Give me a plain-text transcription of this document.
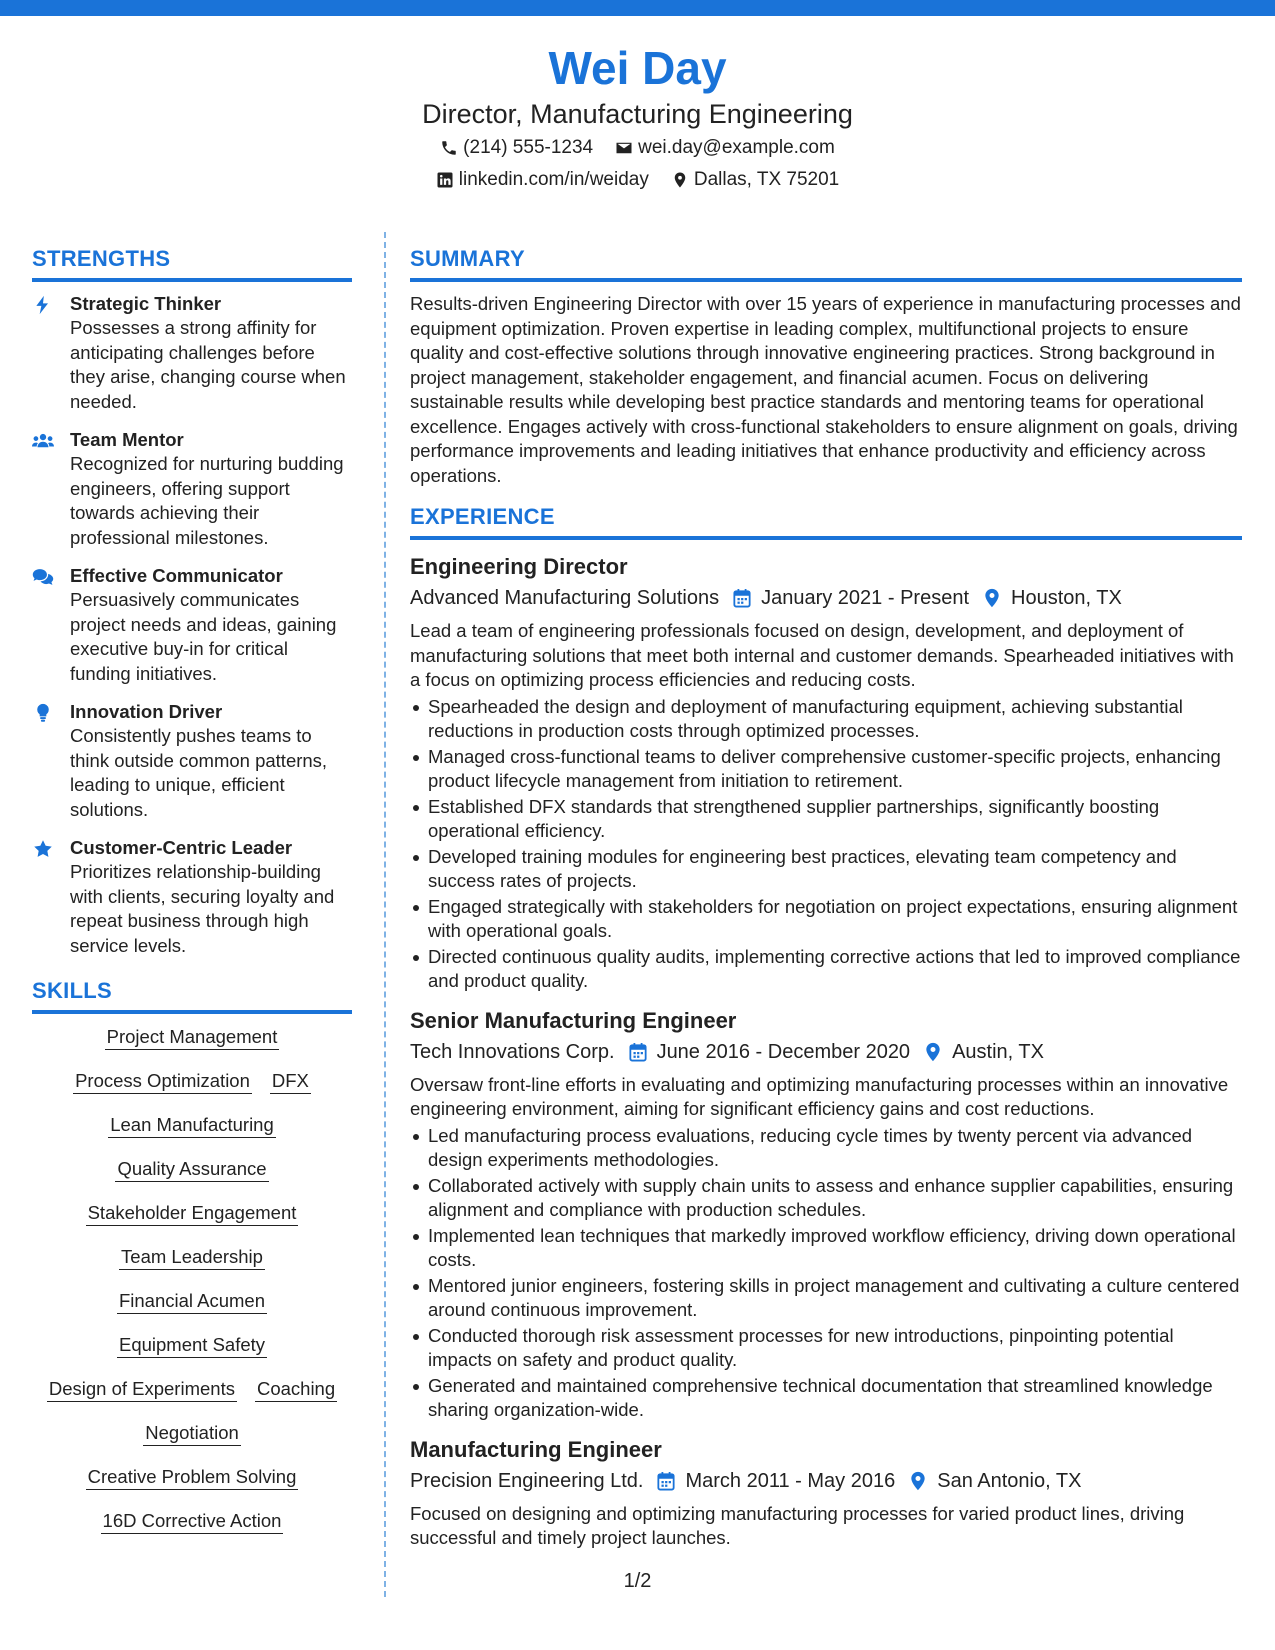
Wei Day
Director, Manufacturing Engineering
(214) 555-1234 wei.day@example.com
linkedin.com/in/weiday Dallas, TX 75201
STRENGTHS
Strategic Thinker
Possesses a strong affinity for anticipating challenges before they arise, changing course when needed.
Team Mentor
Recognized for nurturing budding engineers, offering support towards achieving their professional milestones.
Effective Communicator
Persuasively communicates project needs and ideas, gaining executive buy-in for critical funding initiatives.
Innovation Driver
Consistently pushes teams to think outside common patterns, leading to unique, efficient solutions.
Customer-Centric Leader
Prioritizes relationship-building with clients, securing loyalty and repeat business through high service levels.
SKILLS
Project Management
Process Optimization DFX
Lean Manufacturing
Quality Assurance
Stakeholder Engagement
Team Leadership
Financial Acumen
Equipment Safety
Design of Experiments Coaching
Negotiation
Creative Problem Solving
16D Corrective Action
SUMMARY
Results-driven Engineering Director with over 15 years of experience in manufacturing processes and equipment optimization. Proven expertise in leading complex, multifunctional projects to ensure quality and cost-effective solutions through innovative engineering practices. Strong background in project management, stakeholder engagement, and financial acumen. Focus on delivering sustainable results while developing best practice standards and mentoring teams for operational excellence. Engages actively with cross-functional stakeholders to ensure alignment on goals, driving performance improvements and leading initiatives that enhance productivity and efficiency across operations.
EXPERIENCE
Engineering Director
Advanced Manufacturing Solutions January 2021 - Present Houston, TX
Lead a team of engineering professionals focused on design, development, and deployment of manufacturing solutions that meet both internal and customer demands. Spearheaded initiatives with a focus on optimizing process efficiencies and reducing costs.
Spearheaded the design and deployment of manufacturing equipment, achieving substantial reductions in production costs through optimized processes.
Managed cross-functional teams to deliver comprehensive customer-specific projects, enhancing product lifecycle management from initiation to retirement.
Established DFX standards that strengthened supplier partnerships, significantly boosting operational efficiency.
Developed training modules for engineering best practices, elevating team competency and success rates of projects.
Engaged strategically with stakeholders for negotiation on project expectations, ensuring alignment with operational goals.
Directed continuous quality audits, implementing corrective actions that led to improved compliance and product quality.
Senior Manufacturing Engineer
Tech Innovations Corp. June 2016 - December 2020 Austin, TX
Oversaw front-line efforts in evaluating and optimizing manufacturing processes within an innovative engineering environment, aiming for significant efficiency gains and cost reductions.
Led manufacturing process evaluations, reducing cycle times by twenty percent via advanced design experiments methodologies.
Collaborated actively with supply chain units to assess and enhance supplier capabilities, ensuring alignment and compliance with production schedules.
Implemented lean techniques that markedly improved workflow efficiency, driving down operational costs.
Mentored junior engineers, fostering skills in project management and cultivating a culture centered around continuous improvement.
Conducted thorough risk assessment processes for new introductions, pinpointing potential impacts on safety and product quality.
Generated and maintained comprehensive technical documentation that streamlined knowledge sharing organization-wide.
Manufacturing Engineer
Precision Engineering Ltd. March 2011 - May 2016 San Antonio, TX
Focused on designing and optimizing manufacturing processes for varied product lines, driving successful and timely project launches.
1/2
